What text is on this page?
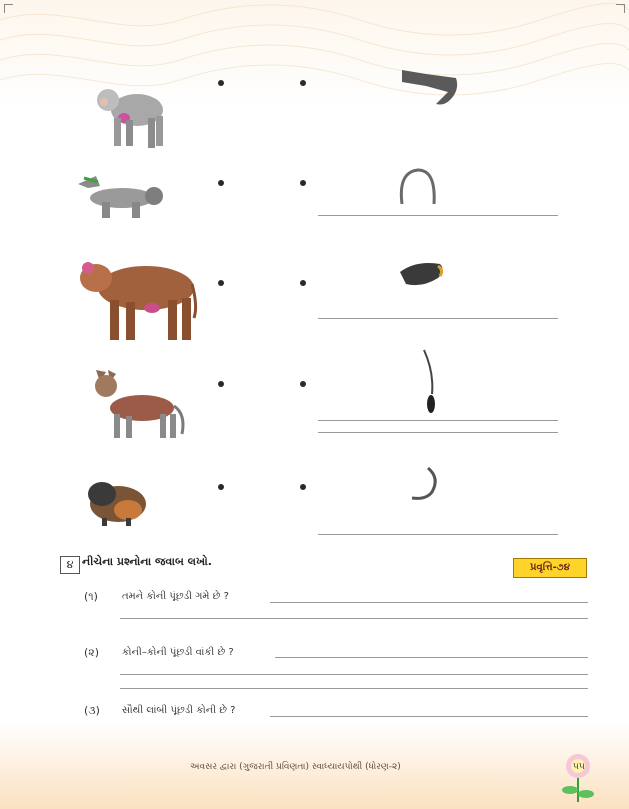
૪ નીચેના પ્રશ્નોના જવાબ લખો.	પ્રવૃત્તિ-૭૪
(૧) તમને કોની પૂંછડી ગમે છે ?
(૨) કોની–કોની પૂંછડી વાંકી છે ?
(૩) સૌથી લાંબી પૂંછડી કોની છે ?
અવસર દ્વારા (ગુજરાતી પ્રવિણતા) સ્વાધ્યાયપોથી (ધોરણ-૨)	૫૫
